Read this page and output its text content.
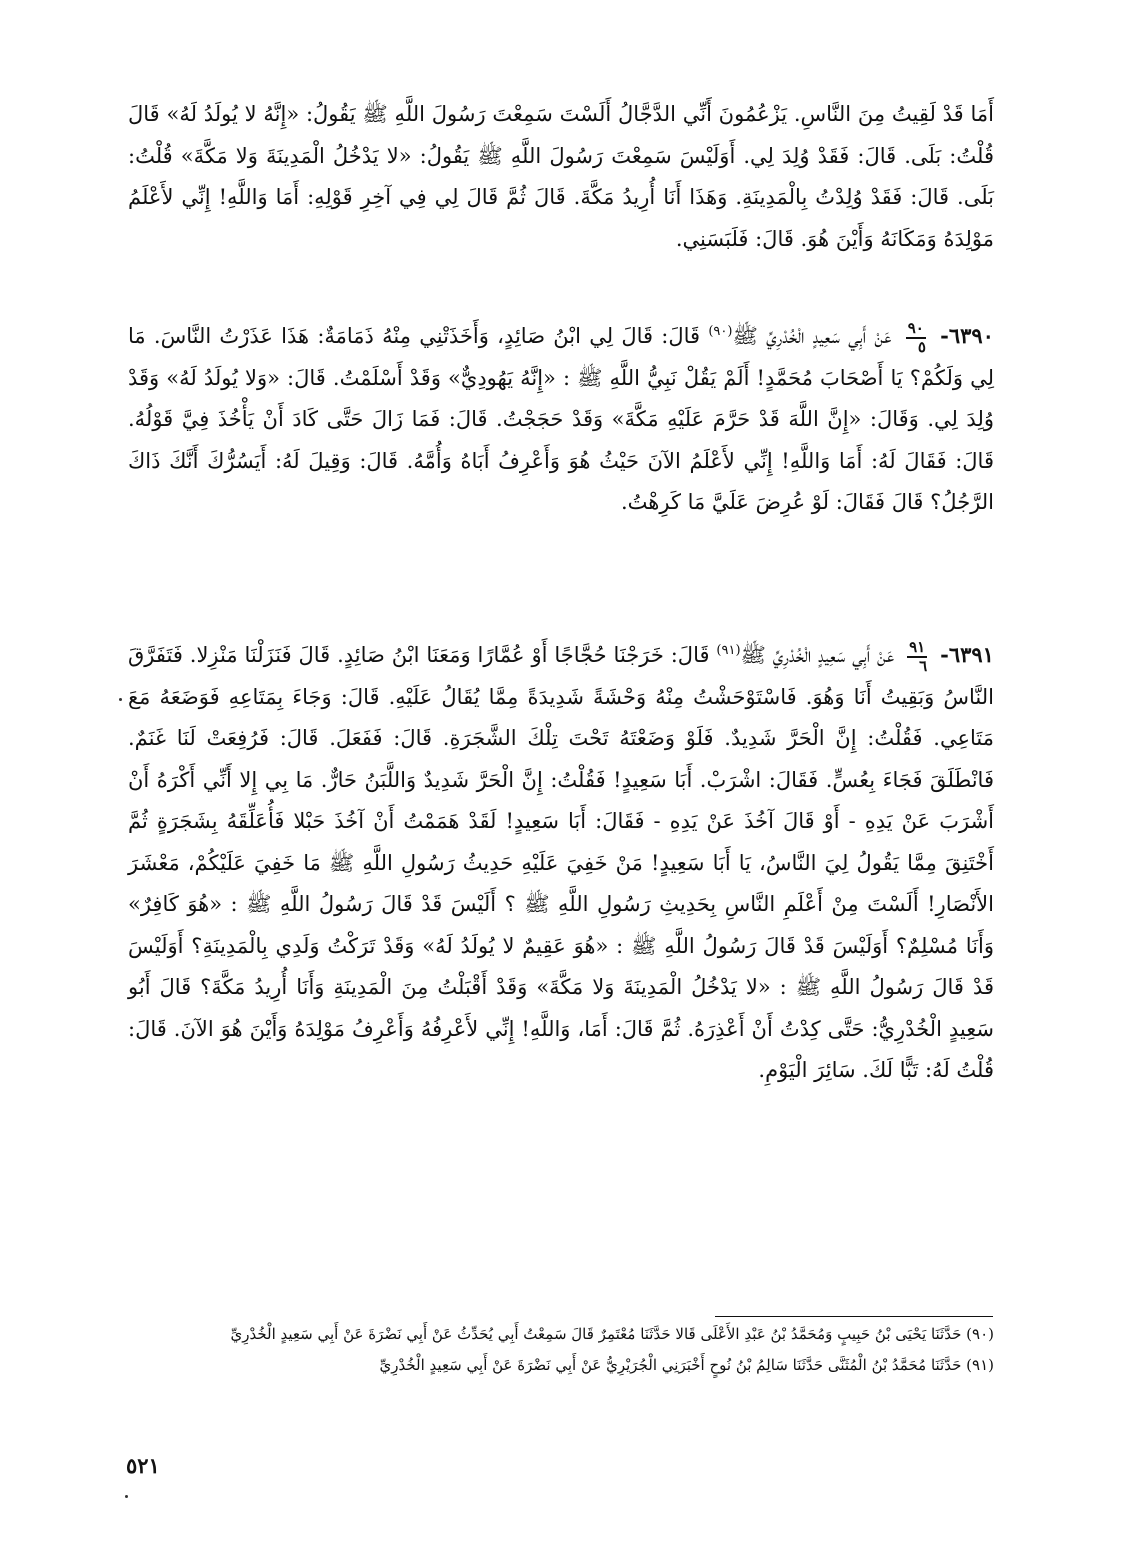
أَمَا قَدْ لَقِيتُ مِنَ النَّاسِ. يَزْعُمُونَ أَنِّي الدَّجَّالُ أَلَسْتَ سَمِعْتَ رَسُولَ اللَّهِ ﷺ يَقُولُ: «إِنَّهُ لا يُولَدُ لَهُ» قَالَ قُلْتُ: بَلَى. قَالَ: فَقَدْ وُلِدَ لِي. أَوَلَيْسَ سَمِعْتَ رَسُولَ اللَّهِ ﷺ يَقُولُ: «لا يَدْخُلُ الْمَدِينَةَ وَلا مَكَّةَ» قُلْتُ: بَلَى. قَالَ: فَقَدْ وُلِدْتُ بِالْمَدِينَةِ. وَهَذَا أَنَا أُرِيدُ مَكَّةَ. قَالَ ثُمَّ قَالَ لِي فِي آخِرِ قَوْلِهِ: أَمَا وَاللَّهِ! إِنِّي لأَعْلَمُ مَوْلِدَهُ وَمَكَانَهُ وَأَيْنَ هُوَ. قَالَ: فَلَبَسَنِي.

٦٣٩٠-
$\frac{٩٠}{٥}$
عَنْ أَبِي سَعِيدٍ الْخُدْرِيِّ ﷺ$^{(٩٠)}$ قَالَ: قَالَ لِي ابْنُ صَائِدٍ، وَأَخَذَتْنِي مِنْهُ ذَمَامَةٌ: هَذَا عَذَرْتُ النَّاسَ. مَا لِي وَلَكُمْ؟ يَا أَصْحَابَ مُحَمَّدٍ! أَلَمْ يَقُلْ نَبِيُّ اللَّهِ ﷺ : «إِنَّهُ يَهُودِيٌّ» وَقَدْ أَسْلَمْتُ. قَالَ: «وَلا يُولَدُ لَهُ» وَقَدْ وُلِدَ لِي. وَقَالَ: «إِنَّ اللَّهَ قَدْ حَرَّمَ عَلَيْهِ مَكَّةَ» وَقَدْ حَجَجْتُ. قَالَ: فَمَا زَالَ حَتَّى كَادَ أَنْ يَأْخُذَ فِيَّ قَوْلُهُ. قَالَ: فَقَالَ لَهُ: أَمَا وَاللَّهِ! إِنِّي لأَعْلَمُ الآنَ حَيْثُ هُوَ وَأَعْرِفُ أَبَاهُ وَأُمَّهُ. قَالَ: وَقِيلَ لَهُ: أَيَسُرُّكَ أَنَّكَ ذَاكَ الرَّجُلُ؟ قَالَ فَقَالَ: لَوْ عُرِضَ عَلَيَّ مَا كَرِهْتُ.

٦٣٩١-
$\frac{٩١}{٦}$
عَنْ أَبِي سَعِيدٍ الْخُدْرِيِّ ﷺ$^{(٩١)}$ قَالَ: خَرَجْنَا حُجَّاجًا أَوْ عُمَّارًا وَمَعَنَا ابْنُ صَائِدٍ. قَالَ فَنَزَلْنَا مَنْزِلا. فَتَفَرَّقَ النَّاسُ وَبَقِيتُ أَنَا وَهُوَ. فَاسْتَوْحَشْتُ مِنْهُ وَحْشَةً شَدِيدَةً مِمَّا يُقَالُ عَلَيْهِ. قَالَ: وَجَاءَ بِمَتَاعِهِ فَوَضَعَهُ مَعَ مَتَاعِي. فَقُلْتُ: إِنَّ الْحَرَّ شَدِيدٌ. فَلَوْ وَضَعْتَهُ تَحْتَ تِلْكَ الشَّجَرَةِ. قَالَ: فَفَعَلَ. قَالَ: فَرُفِعَتْ لَنَا غَنَمٌ. فَانْطَلَقَ فَجَاءَ بِعُسٍّ. فَقَالَ: اشْرَبْ. أَبَا سَعِيدٍ! فَقُلْتُ: إِنَّ الْحَرَّ شَدِيدٌ وَاللَّبَنُ حَارٌّ. مَا بِي إِلا أَنِّي أَكْرَهُ أَنْ أَشْرَبَ عَنْ يَدِهِ - أَوْ قَالَ آخُذَ عَنْ يَدِهِ - فَقَالَ: أَبَا سَعِيدٍ! لَقَدْ هَمَمْتُ أَنْ آخُذَ حَبْلا فَأُعَلِّقَهُ بِشَجَرَةٍ ثُمَّ أَخْتَنِقَ مِمَّا يَقُولُ لِيَ النَّاسُ، يَا أَبَا سَعِيدٍ! مَنْ خَفِيَ عَلَيْهِ حَدِيثُ رَسُولِ اللَّهِ ﷺ مَا خَفِيَ عَلَيْكُمْ، مَعْشَرَ الأَنْصَارِ! أَلَسْتَ مِنْ أَعْلَمِ النَّاسِ بِحَدِيثِ رَسُولِ اللَّهِ ﷺ ؟ أَلَيْسَ قَدْ قَالَ رَسُولُ اللَّهِ ﷺ : «هُوَ كَافِرٌ» وَأَنَا مُسْلِمٌ؟ أَوَلَيْسَ قَدْ قَالَ رَسُولُ اللَّهِ ﷺ : «هُوَ عَقِيمٌ لا يُولَدُ لَهُ» وَقَدْ تَرَكْتُ وَلَدِي بِالْمَدِينَةِ؟ أَوَلَيْسَ قَدْ قَالَ رَسُولُ اللَّهِ ﷺ : «لا يَدْخُلُ الْمَدِينَةَ وَلا مَكَّةَ» وَقَدْ أَقْبَلْتُ مِنَ الْمَدِينَةِ وَأَنَا أُرِيدُ مَكَّةَ؟ قَالَ أَبُو سَعِيدٍ الْخُدْرِيُّ: حَتَّى كِدْتُ أَنْ أَعْذِرَهُ. ثُمَّ قَالَ: أَمَا، وَاللَّهِ! إِنِّي لأَعْرِفُهُ وَأَعْرِفُ مَوْلِدَهُ وَأَيْنَ هُوَ الآنَ. قَالَ: قُلْتُ لَهُ: تَبًّا لَكَ. سَائِرَ الْيَوْمِ.

(٩٠) حَدَّثَنَا يَحْيَى بْنُ حَبِيبٍ وَمُحَمَّدُ بْنُ عَبْدِ الأَعْلَى قَالا حَدَّثَنَا مُعْتَمِرٌ قَالَ سَمِعْتُ أَبِي يُحَدِّثُ عَنْ أَبِي نَضْرَةَ عَنْ أَبِي سَعِيدٍ الْخُدْرِيِّ

(٩١) حَدَّثَنَا مُحَمَّدُ بْنُ الْمُثَنَّى حَدَّثَنَا سَالِمُ بْنُ نُوحٍ أَخْبَرَنِي الْجُرَيْرِيُّ عَنْ أَبِي نَضْرَةَ عَنْ أَبِي سَعِيدٍ الْخُدْرِيِّ

٥٢١
